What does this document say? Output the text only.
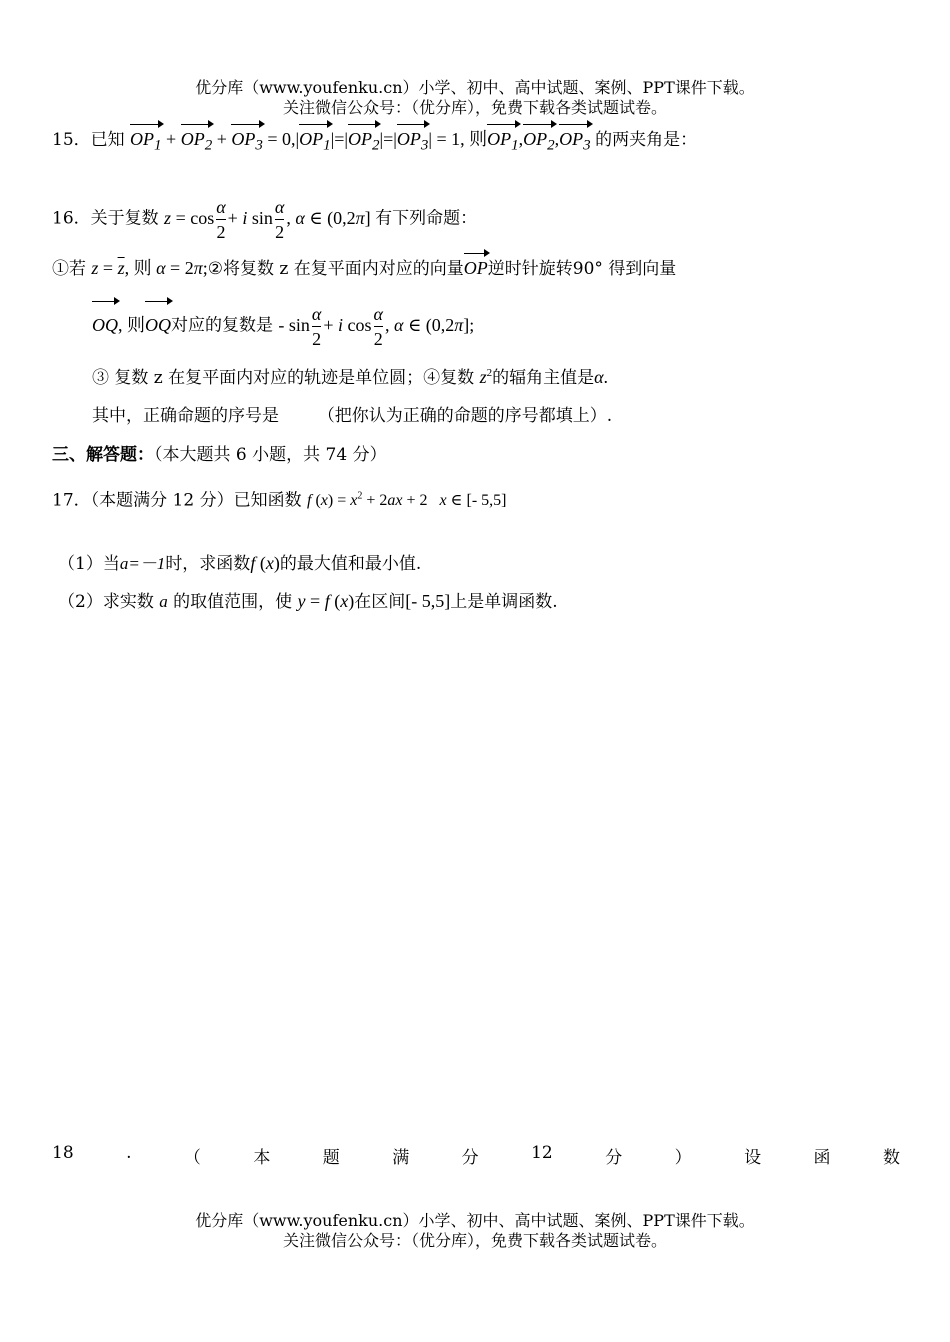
优分库（www.youfenku.cn）小学、初中、高中试题、案例、PPT课件下载。
关注微信公众号：（优分库），免费下载各类试题试卷。
15．已知 $OP_1 + OP_2 + OP_3 = 0,|OP_1|=|OP_2|=|OP_3| = 1$, 则$OP_1,OP_2,OP_3$ 的两夹角是：
16．关于复数 $z = \cos \frac{\alpha}{2} + i$ $\sin \frac{\alpha}{2}$ , α ∈ (0,2π] 有下列命题：
①若 $z = \overline{z}$, 则 α = 2π;②将复数 z 在复平面内对应的向量OP逆时针旋转90° 得到向量
OQ, 则OQ对应的复数是 - $\sin \frac{\alpha}{2} + i$ $\cos \frac{\alpha}{2}$ , α ∈ (0,2π];
③ 复数 z 在复平面内对应的轨迹是单位圆；④复数 $z^2$的辐角主值是α.
其中，正确命题的序号是 （把你认为正确的命题的序号都填上）.
三、解答题：（本大题共 6 小题，共 74 分）
17．（本题满分 12 分）已知函数 f $(x) = x^2 + 2ax + 2$   x ∈ [- 5,5]
（1）当a=－1时，求函数f (x)的最大值和最小值.
（2）求实数 a 的取值范围，使 y = f (x)在区间[- 5,5]上是单调函数.
18	.	（	本	题	满	分	12	分	）	设	函	数
优分库（www.youfenku.cn）小学、初中、高中试题、案例、PPT课件下载。
关注微信公众号：（优分库），免费下载各类试题试卷。
